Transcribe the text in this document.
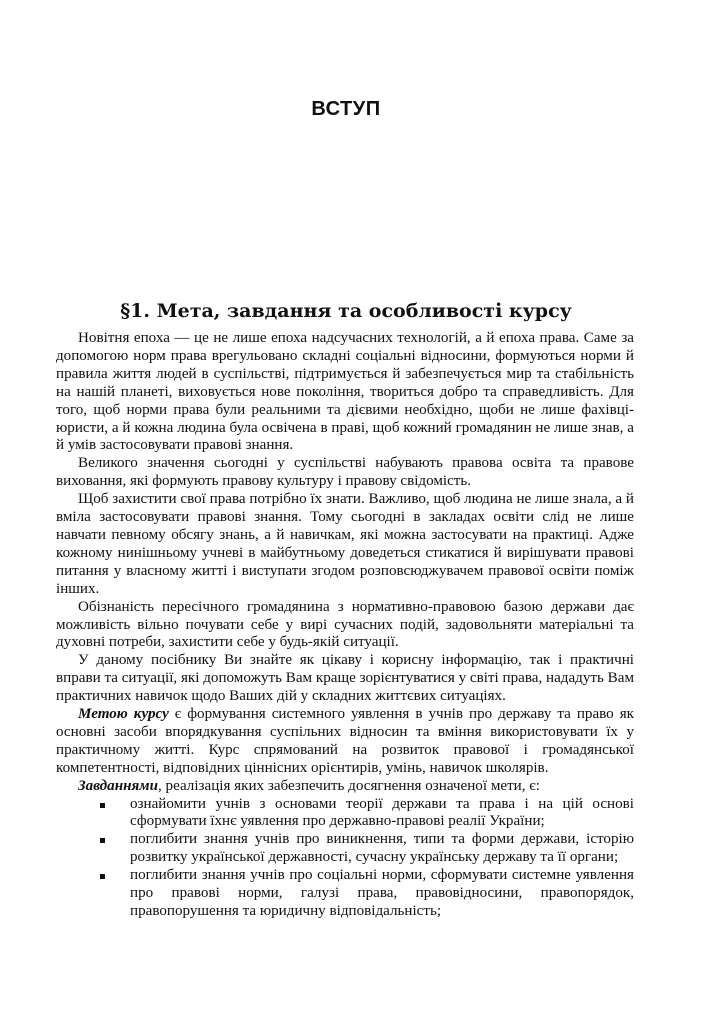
ВСТУП
§1. Мета, завдання та особливості курсу

Новітня епоха — це не лише епоха надсучасних технологій, а й епоха права. Саме за допомогою норм права врегульовано складні соціальні відносини, формуються норми й правила життя людей в суспільстві, підтримується й забезпечується мир та стабільність на нашій планеті, виховується нове покоління, твориться добро та справедливість. Для того, щоб норми права були реальними та дієвими необхідно, щоби не лише фахівці-юристи, а й кожна людина була освічена в праві, щоб кожний громадянин не лише знав, а й умів застосовувати правові знання.

Великого значення сьогодні у суспільстві набувають правова освіта та правове виховання, які формують правову культуру і правову свідомість.

Щоб захистити свої права потрібно їх знати. Важливо, щоб людина не лише знала, а й вміла застосовувати правові знання. Тому сьогодні в закладах освіти слід не лише навчати певному обсягу знань, а й навичкам, які можна застосувати на практиці. Адже кожному нинішньому учневі в майбутньому доведеться стикатися й вирішувати правові питання у власному житті і виступати згодом розповсюджувачем правової освіти поміж інших.

Обізнаність пересічного громадянина з нормативно-правовою базою держави дає можливість вільно почувати себе у вирі сучасних подій, задовольняти матеріальні та духовні потреби, захистити себе у будь-якій ситуації.

У даному посібнику Ви знайте як цікаву і корисну інформацію, так і практичні вправи та ситуації, які допоможуть Вам краще зорієнтуватися у світі права, нададуть Вам практичних навичок щодо Ваших дій у складних життєвих ситуаціях.

Метою курсу є формування системного уявлення в учнів про державу та право як основні засоби впорядкування суспільних відносин та вміння використовувати їх у практичному житті. Курс спрямований на розвиток правової і громадянської компетентності, відповідних ціннісних орієнтирів, умінь, навичок школярів.

Завданнями, реалізація яких забезпечить досягнення означеної мети, є:

ознайомити учнів з основами теорії держави та права і на цій основі сформувати їхнє уявлення про державно-правові реалії України;
поглибити знання учнів про виникнення, типи та форми держави, історію розвитку української державності, сучасну українську державу та її органи;
поглибити знання учнів про соціальні норми, сформувати системне уявлення про правові норми, галузі права, правовідносини, правопорядок, правопорушення та юридичну відповідальність;
